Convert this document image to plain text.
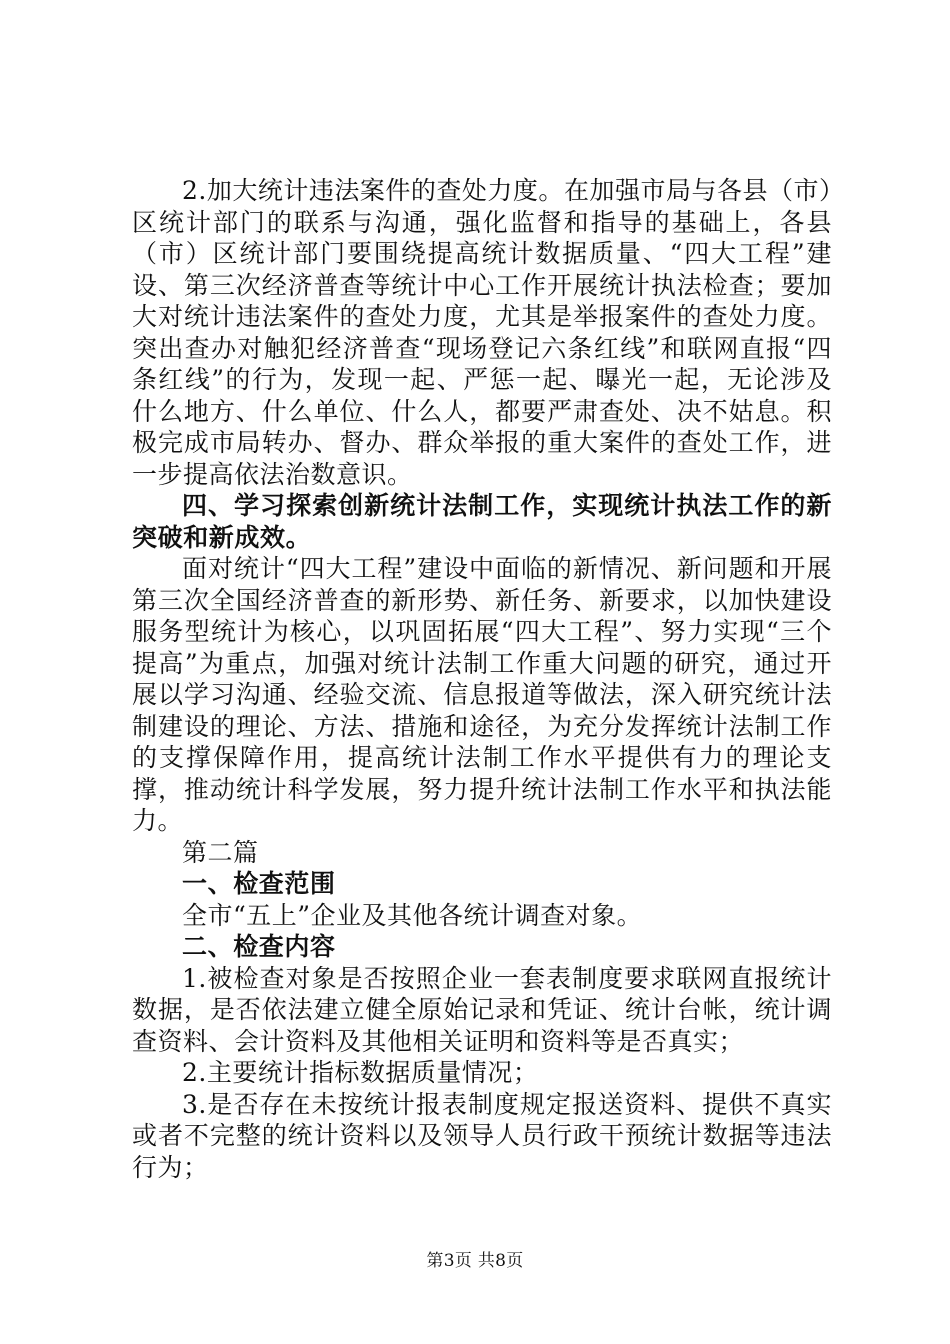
2.加大统计违法案件的查处力度。在加强市局与各县（市）区统计部门的联系与沟通，强化监督和指导的基础上，各县（市）区统计部门要围绕提高统计数据质量、“四大工程”建设、第三次经济普查等统计中心工作开展统计执法检查；要加大对统计违法案件的查处力度，尤其是举报案件的查处力度。突出查办对触犯经济普查“现场登记六条红线”和联网直报“四条红线”的行为，发现一起、严惩一起、曝光一起，无论涉及什么地方、什么单位、什么人，都要严肃查处、决不姑息。积极完成市局转办、督办、群众举报的重大案件的查处工作，进一步提高依法治数意识。

四、学习探索创新统计法制工作，实现统计执法工作的新突破和新成效。

面对统计“四大工程”建设中面临的新情况、新问题和开展第三次全国经济普查的新形势、新任务、新要求，以加快建设服务型统计为核心，以巩固拓展“四大工程”、努力实现“三个提高”为重点，加强对统计法制工作重大问题的研究，通过开展以学习沟通、经验交流、信息报道等做法，深入研究统计法制建设的理论、方法、措施和途径，为充分发挥统计法制工作的支撑保障作用，提高统计法制工作水平提供有力的理论支撑，推动统计科学发展，努力提升统计法制工作水平和执法能力。

第二篇

一、检查范围

全市“五上”企业及其他各统计调查对象。

二、检查内容

1.被检查对象是否按照企业一套表制度要求联网直报统计数据，是否依法建立健全原始记录和凭证、统计台帐，统计调查资料、会计资料及其他相关证明和资料等是否真实；

2.主要统计指标数据质量情况；

3.是否存在未按统计报表制度规定报送资料、提供不真实或者不完整的统计资料以及领导人员行政干预统计数据等违法行为；

第3页 共8页
